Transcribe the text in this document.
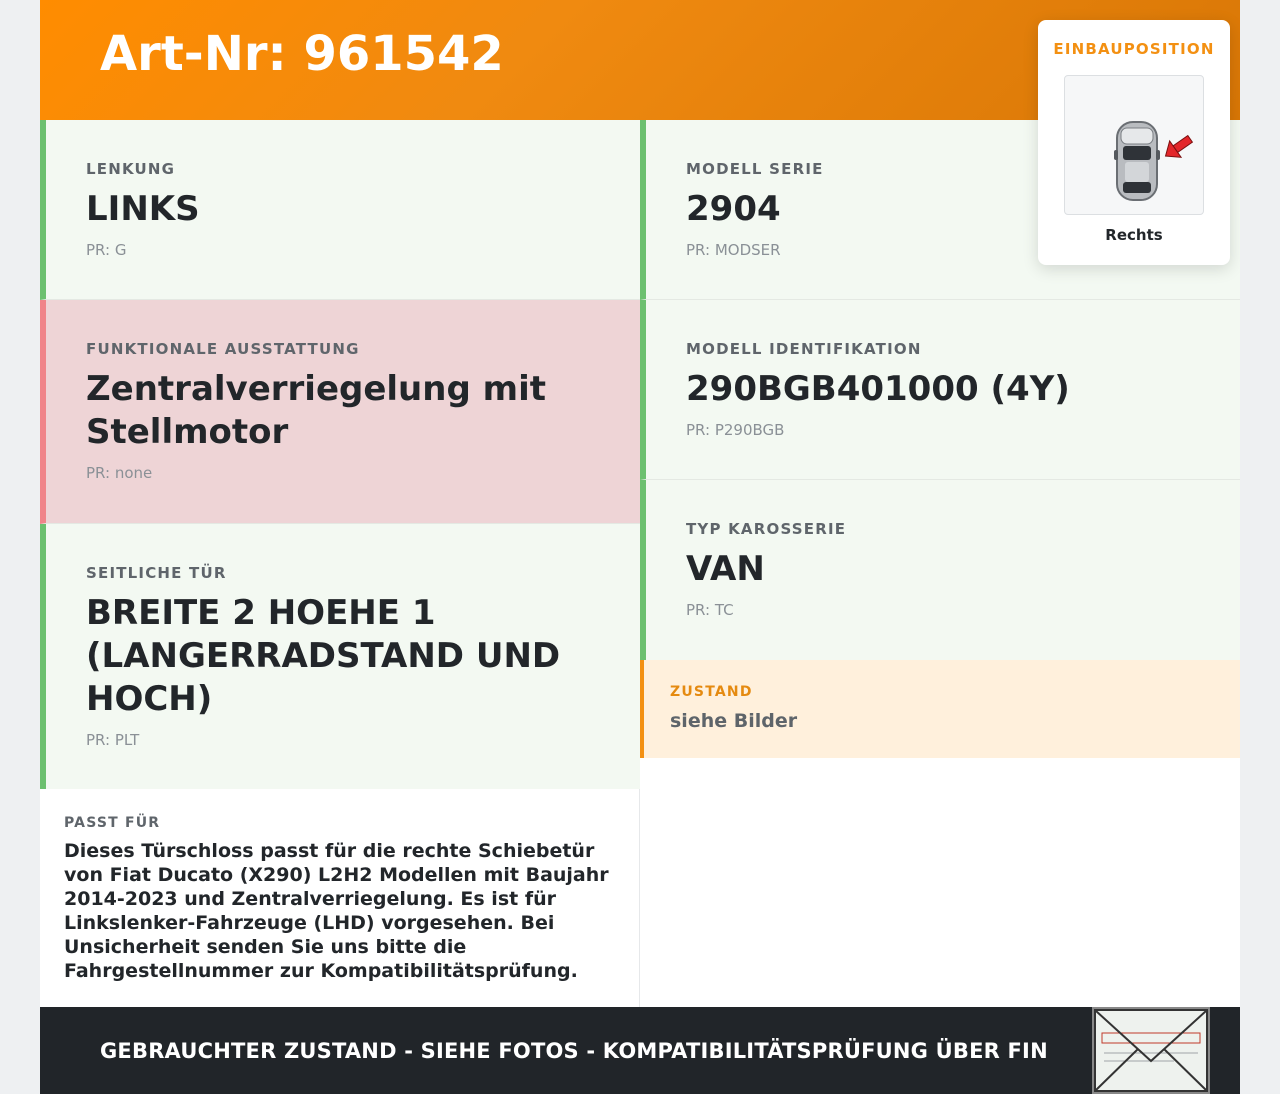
Art-Nr: 961542
LENKUNG
LINKS
PR: G
FUNKTIONALE AUSSTATTUNG
Zentralverriegelung mit Stellmotor
PR: none
SEITLICHE TÜR
BREITE 2 HOEHE 1 (LANGERRADSTAND UND HOCH)
PR: PLT
MODELL SERIE
2904
PR: MODSER
MODELL IDENTIFIKATION
290BGB401000 (4Y)
PR: P290BGB
TYP KAROSSERIE
VAN
PR: TC
ZUSTAND
siehe Bilder
PASST FÜR
Dieses Türschloss passt für die rechte Schiebetür von Fiat Ducato (X290) L2H2 Modellen mit Baujahr 2014-2023 und Zentralverriegelung. Es ist für Linkslenker-Fahrzeuge (LHD) vorgesehen. Bei Unsicherheit senden Sie uns bitte die Fahrgestellnummer zur Kompatibilitätsprüfung.
EINBAUPOSITION
Rechts
GEBRAUCHTER ZUSTAND - SIEHE FOTOS - KOMPATIBILITÄTSPRÜFUNG ÜBER FIN
